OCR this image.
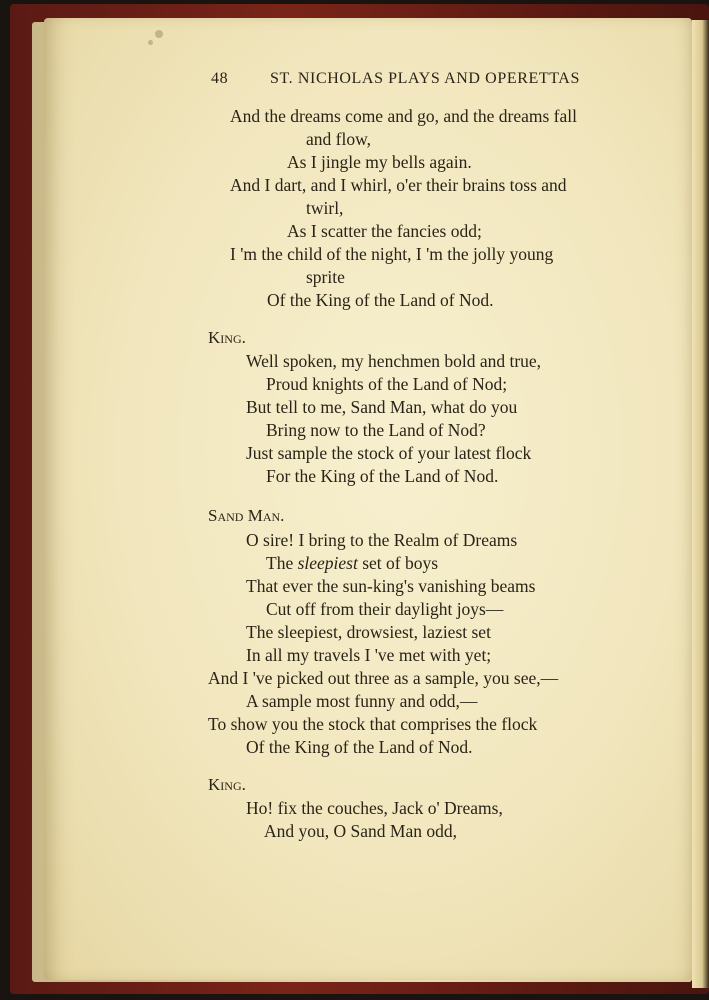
48	ST. NICHOLAS PLAYS AND OPERETTAS
And the dreams come and go, and the dreams fall
and flow,
As I jingle my bells again.
And I dart, and I whirl, o'er their brains toss and
twirl,
As I scatter the fancies odd;
I 'm the child of the night, I 'm the jolly young
sprite
Of the King of the Land of Nod.
King.
Well spoken, my henchmen bold and true,
Proud knights of the Land of Nod;
But tell to me, Sand Man, what do you
Bring now to the Land of Nod?
Just sample the stock of your latest flock
For the King of the Land of Nod.
Sand Man.
O sire! I bring to the Realm of Dreams
The sleepiest set of boys
That ever the sun-king's vanishing beams
Cut off from their daylight joys—
The sleepiest, drowsiest, laziest set
In all my travels I 've met with yet;
And I 've picked out three as a sample, you see,—
A sample most funny and odd,—
To show you the stock that comprises the flock
Of the King of the Land of Nod.
King.
Ho! fix the couches, Jack o' Dreams,
And you, O Sand Man odd,
